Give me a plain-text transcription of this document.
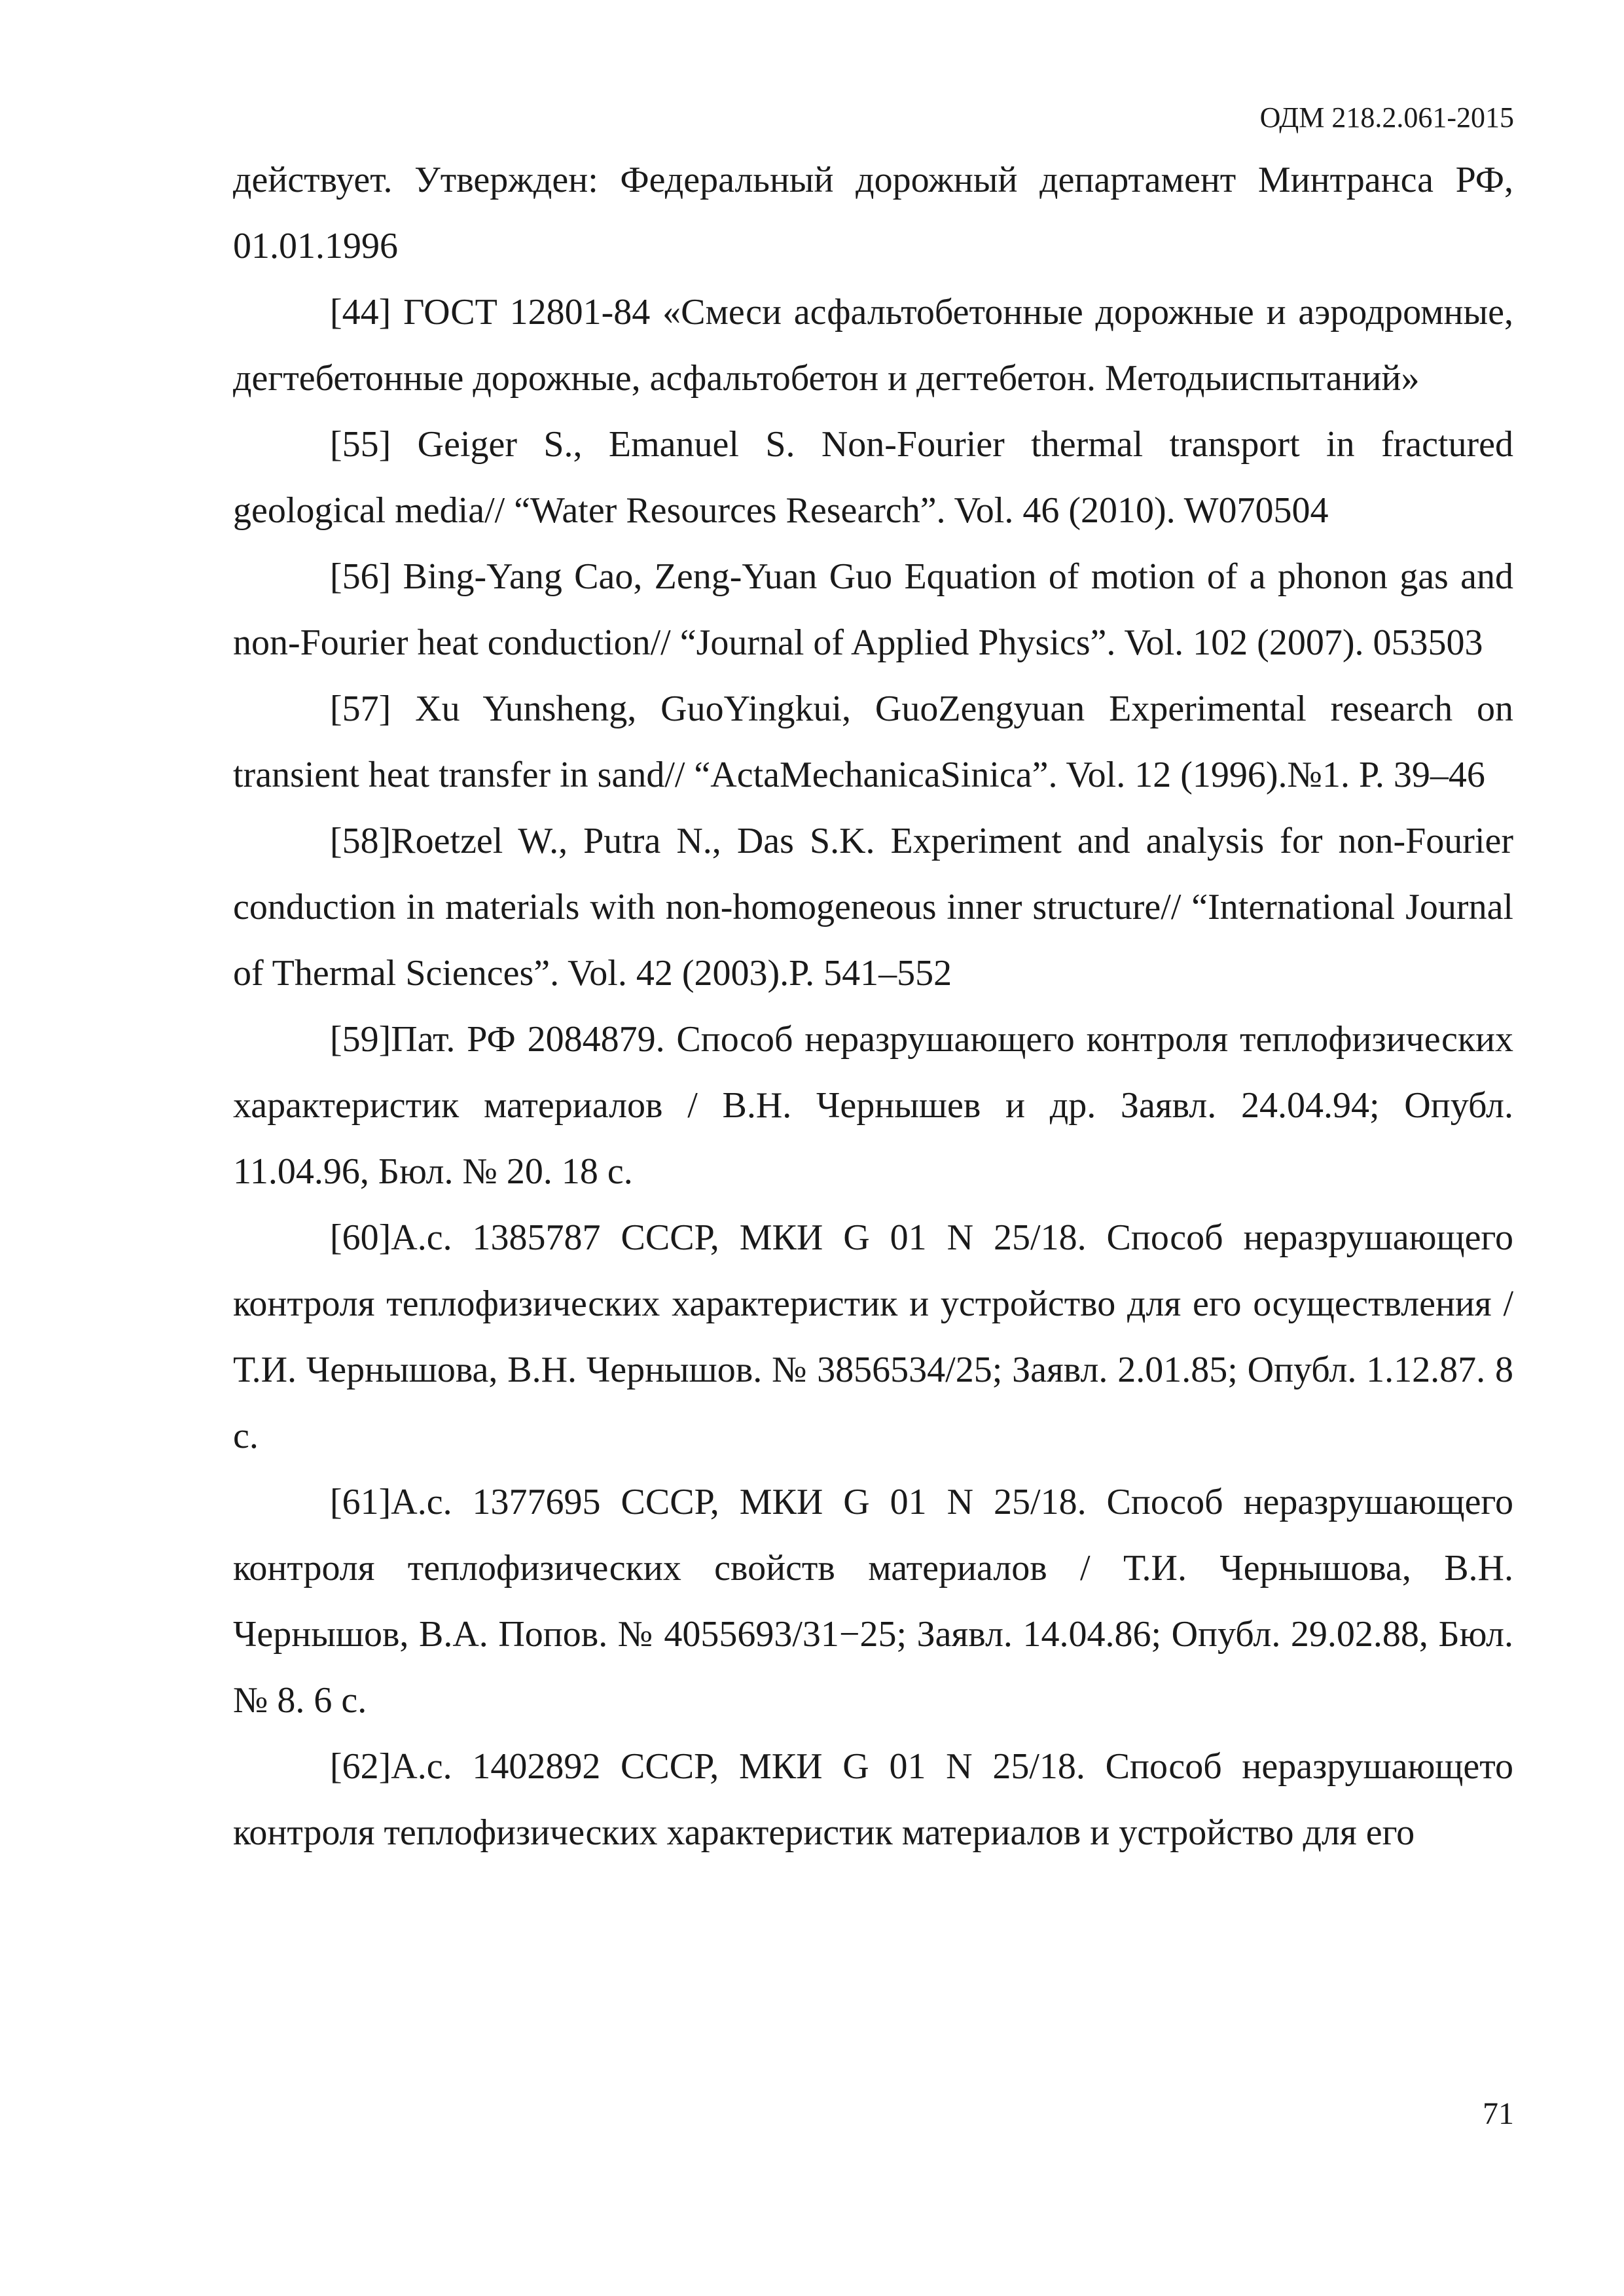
ОДМ 218.2.061-2015

действует. Утвержден: Федеральный дорожный департамент Минтранса РФ, 01.01.1996

[44] ГОСТ 12801-84 «Смеси асфальтобетонные дорожные и аэродромные, дегтебетонные дорожные, асфальтобетон и дегтебетон. Методыиспытаний»

[55] Geiger S., Emanuel S. Non-Fourier thermal transport in fractured geological media// “Water Resources Research”. Vol. 46 (2010). W070504

[56] Bing-Yang Cao, Zeng-Yuan Guo Equation of motion of a phonon gas and non-Fourier heat conduction// “Journal of Applied Physics”. Vol. 102 (2007). 053503

[57] Xu Yunsheng, GuoYingkui, GuoZengyuan Experimental research on transient heat transfer in sand// “ActaMechanicaSinica”. Vol. 12 (1996).№1. P. 39–46

[58]Roetzel W., Putra N., Das S.K. Experiment and analysis for non-Fourier conduction in materials with non-homogeneous inner structure// “International Journal of Thermal Sciences”. Vol. 42 (2003).P. 541–552

[59]Пат. РФ 2084879. Способ неразрушающего контроля теплофизических характеристик материалов / В.Н. Чернышев и др. Заявл. 24.04.94; Опубл. 11.04.96, Бюл. № 20. 18 с.

[60]А.с. 1385787 СССР, МКИ G 01 N 25/18. Способ неразрушающего контроля теплофизических характеристик и устройство для его осуществления / Т.И. Чернышова, В.Н. Чернышов. № 3856534/25; Заявл. 2.01.85; Опубл. 1.12.87. 8 с.

[61]А.с. 1377695 СССР, МКИ G 01 N 25/18. Способ неразрушающего контроля теплофизических свойств материалов / Т.И. Чернышова, В.Н. Чернышов, В.А. Попов. № 4055693/31−25; Заявл. 14.04.86; Опубл. 29.02.88, Бюл. № 8. 6 с.

[62]А.с. 1402892 СССР, МКИ G 01 N 25/18. Способ неразрушающето контроля теплофизических характеристик материалов и устройство для его

71
